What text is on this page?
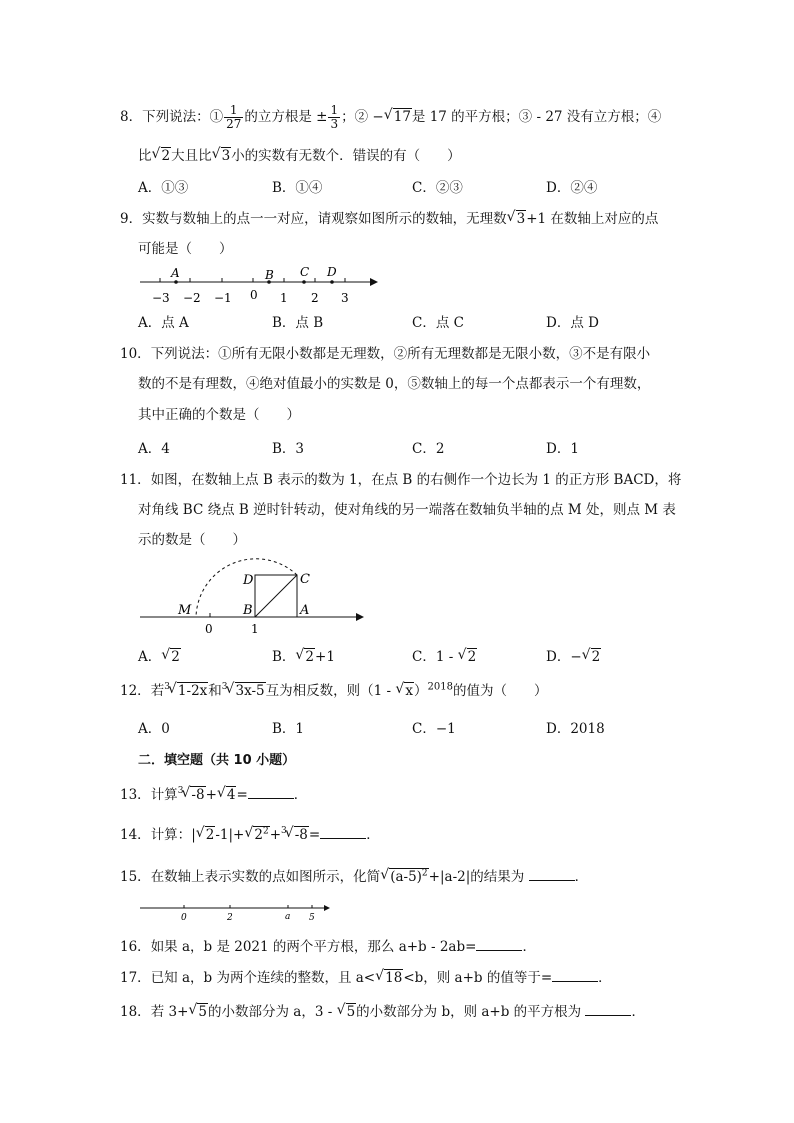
8．下列说法：① $\frac{1}{27}$ 的立方根是 ± $\frac{1}{3}$ ；② −√ 17是 17 的平方根；③ - 27 没有立方根；④
比√ 2大且比√ 3小的实数有无数个．错误的有（　　）
A．①③	B．①④	C．②③	D．②④
9．实数与数轴上的点一一对应，请观察如图所示的数轴，无理数√ 3+1 在数轴上对应的点
可能是（　　）
A	B C D
−3 −2 −1 0 1 2 3
A．点 A	B．点 B	C．点 C	D．点 D
10．下列说法：①所有无限小数都是无理数，②所有无理数都是无限小数，③不是有限小
数的不是有理数，④绝对值最小的实数是 0，⑤数轴上的每一个点都表示一个有理数，
其中正确的个数是（　　）
A．4	B．3	C．2	D．1
11．如图，在数轴上点 B 表示的数为 1，在点 B 的右侧作一个边长为 1 的正方形 BACD，将
对角线 BC 绕点 B 逆时针转动，使对角线的另一端落在数轴负半轴的点 M 处，则点 M 表
示的数是（　　）
M
D	C
B	A
0	1
A．√ 2	B．√ 2+1	C．1 - √ 2	D．−√ 2
12．若$^3$√ 1-2x和$^3$√ 3x-5互为相反数，则（1 - √ x）$^{2018}$的值为（　　）
A．0	B．1	C．−1	D．2018
二．填空题（共 10 小题）
13．计算$^3$√ -8+√ 4=	．
14．计算：|√ 2-1|+√ $2^2+^3√$ -8=	．
15．在数轴上表示实数的点如图所示，化简√ $(a-5)^2+|a-2|$的结果为	．
0	2	a 5
16．如果 a，b 是 2021 的两个平方根，那么 a+b - 2ab=	．
17．已知 a，b 为两个连续的整数，且 a<√ 18<b，则 a+b 的值等于=	．
18．若 3+√ 5的小数部分为 a，3 - √ 5的小数部分为 b，则 a+b 的平方根为	．
